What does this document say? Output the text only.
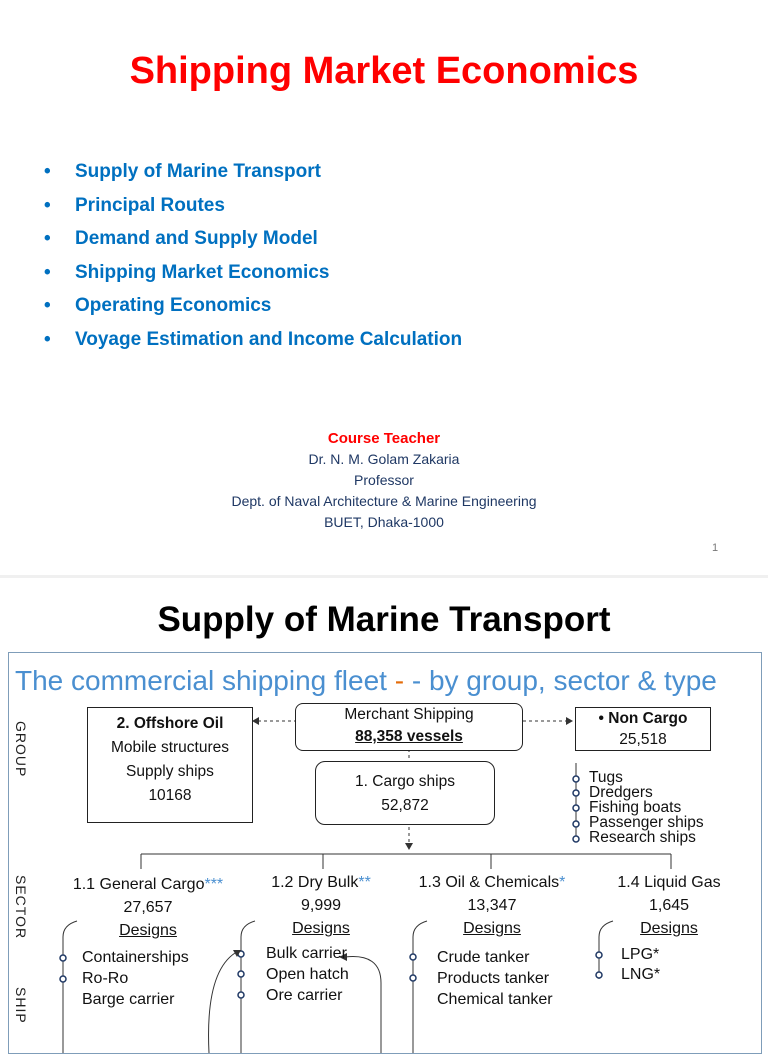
Shipping Market Economics
• Supply of Marine Transport
• Principal Routes
• Demand and Supply Model
• Shipping Market Economics
• Operating Economics
• Voyage Estimation and Income Calculation
Course Teacher
Dr. N. M. Golam Zakaria
Professor
Dept. of Naval Architecture & Marine Engineering
BUET, Dhaka-1000
1
Supply of Marine Transport
The commercial shipping fleet - - by group, sector & type
GROUP
SECTOR
SHIP
2. Offshore Oil
Mobile structures
Supply ships
10168
Merchant Shipping
88,358 vessels
• Non Cargo
25,518
1. Cargo ships
52,872
Tugs
Dredgers
Fishing boats
Passenger ships
Research ships
1.1 General Cargo***
27,657
Designs
Containerships
Ro-Ro
Barge carrier
1.2 Dry Bulk**
9,999
Designs
Bulk carrier
Open hatch
Ore carrier
1.3 Oil & Chemicals*
13,347
Designs
Crude tanker
Products tanker
Chemical tanker
1.4 Liquid Gas
1,645
Designs
LPG*
LNG*
